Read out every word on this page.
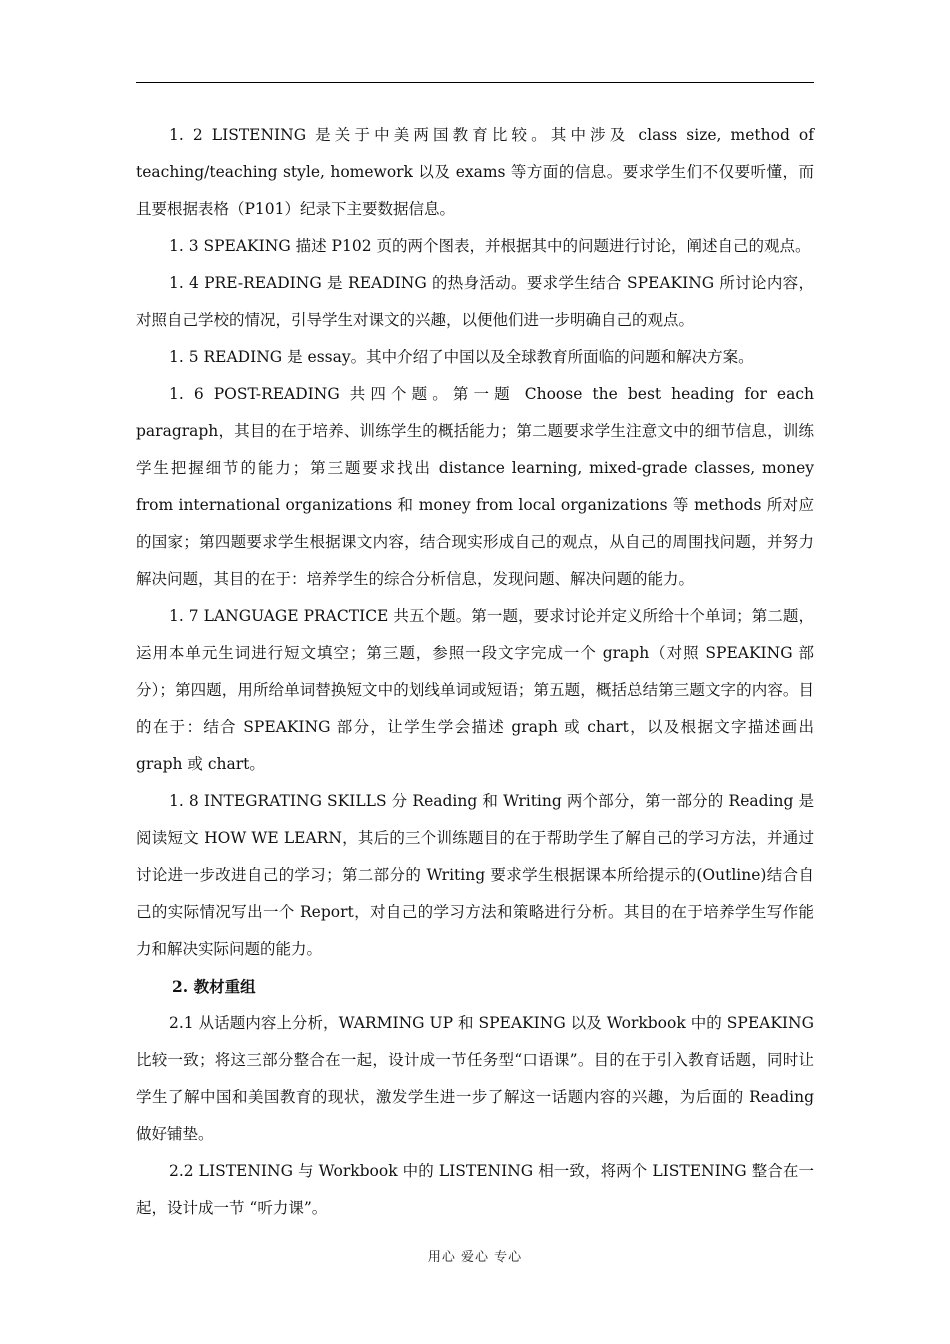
1. 2 LISTENING 是关于中美两国教育比较。其中涉及 class size, method of teaching/teaching style, homework 以及 exams 等方面的信息。要求学生们不仅要听懂，而且要根据表格（P101）纪录下主要数据信息。

1. 3 SPEAKING 描述 P102 页的两个图表，并根据其中的问题进行讨论，阐述自己的观点。

1. 4 PRE-READING 是 READING 的热身活动。要求学生结合 SPEAKING 所讨论内容，对照自己学校的情况，引导学生对课文的兴趣，以便他们进一步明确自己的观点。

1. 5 READING 是 essay。其中介绍了中国以及全球教育所面临的问题和解决方案。

1. 6 POST-READING 共四个题。第一题 Choose the best heading for each paragraph，其目的在于培养、训练学生的概括能力；第二题要求学生注意文中的细节信息，训练学生把握细节的能力；第三题要求找出 distance learning, mixed-grade classes, money from international organizations 和 money from local organizations 等 methods 所对应的国家；第四题要求学生根据课文内容，结合现实形成自己的观点，从自己的周围找问题，并努力解决问题，其目的在于：培养学生的综合分析信息，发现问题、解决问题的能力。

1. 7 LANGUAGE PRACTICE 共五个题。第一题，要求讨论并定义所给十个单词；第二题，运用本单元生词进行短文填空；第三题，参照一段文字完成一个 graph（对照 SPEAKING 部分）；第四题，用所给单词替换短文中的划线单词或短语；第五题，概括总结第三题文字的内容。目的在于：结合 SPEAKING 部分，让学生学会描述 graph 或 chart，以及根据文字描述画出 graph 或 chart。

1. 8 INTEGRATING SKILLS 分 Reading 和 Writing 两个部分，第一部分的 Reading 是阅读短文 HOW WE LEARN，其后的三个训练题目的在于帮助学生了解自己的学习方法，并通过讨论进一步改进自己的学习；第二部分的 Writing 要求学生根据课本所给提示的(Outline)结合自己的实际情况写出一个 Report，对自己的学习方法和策略进行分析。其目的在于培养学生写作能力和解决实际问题的能力。

2. 教材重组

2.1 从话题内容上分析，WARMING UP 和 SPEAKING 以及 Workbook 中的 SPEAKING 比较一致；将这三部分整合在一起，设计成一节任务型“口语课”。目的在于引入教育话题，同时让学生了解中国和美国教育的现状，激发学生进一步了解这一话题内容的兴趣，为后面的 Reading 做好铺垫。

2.2 LISTENING 与 Workbook 中的 LISTENING 相一致，将两个 LISTENING 整合在一起，设计成一节 “听力课”。

用心 爱心 专心
